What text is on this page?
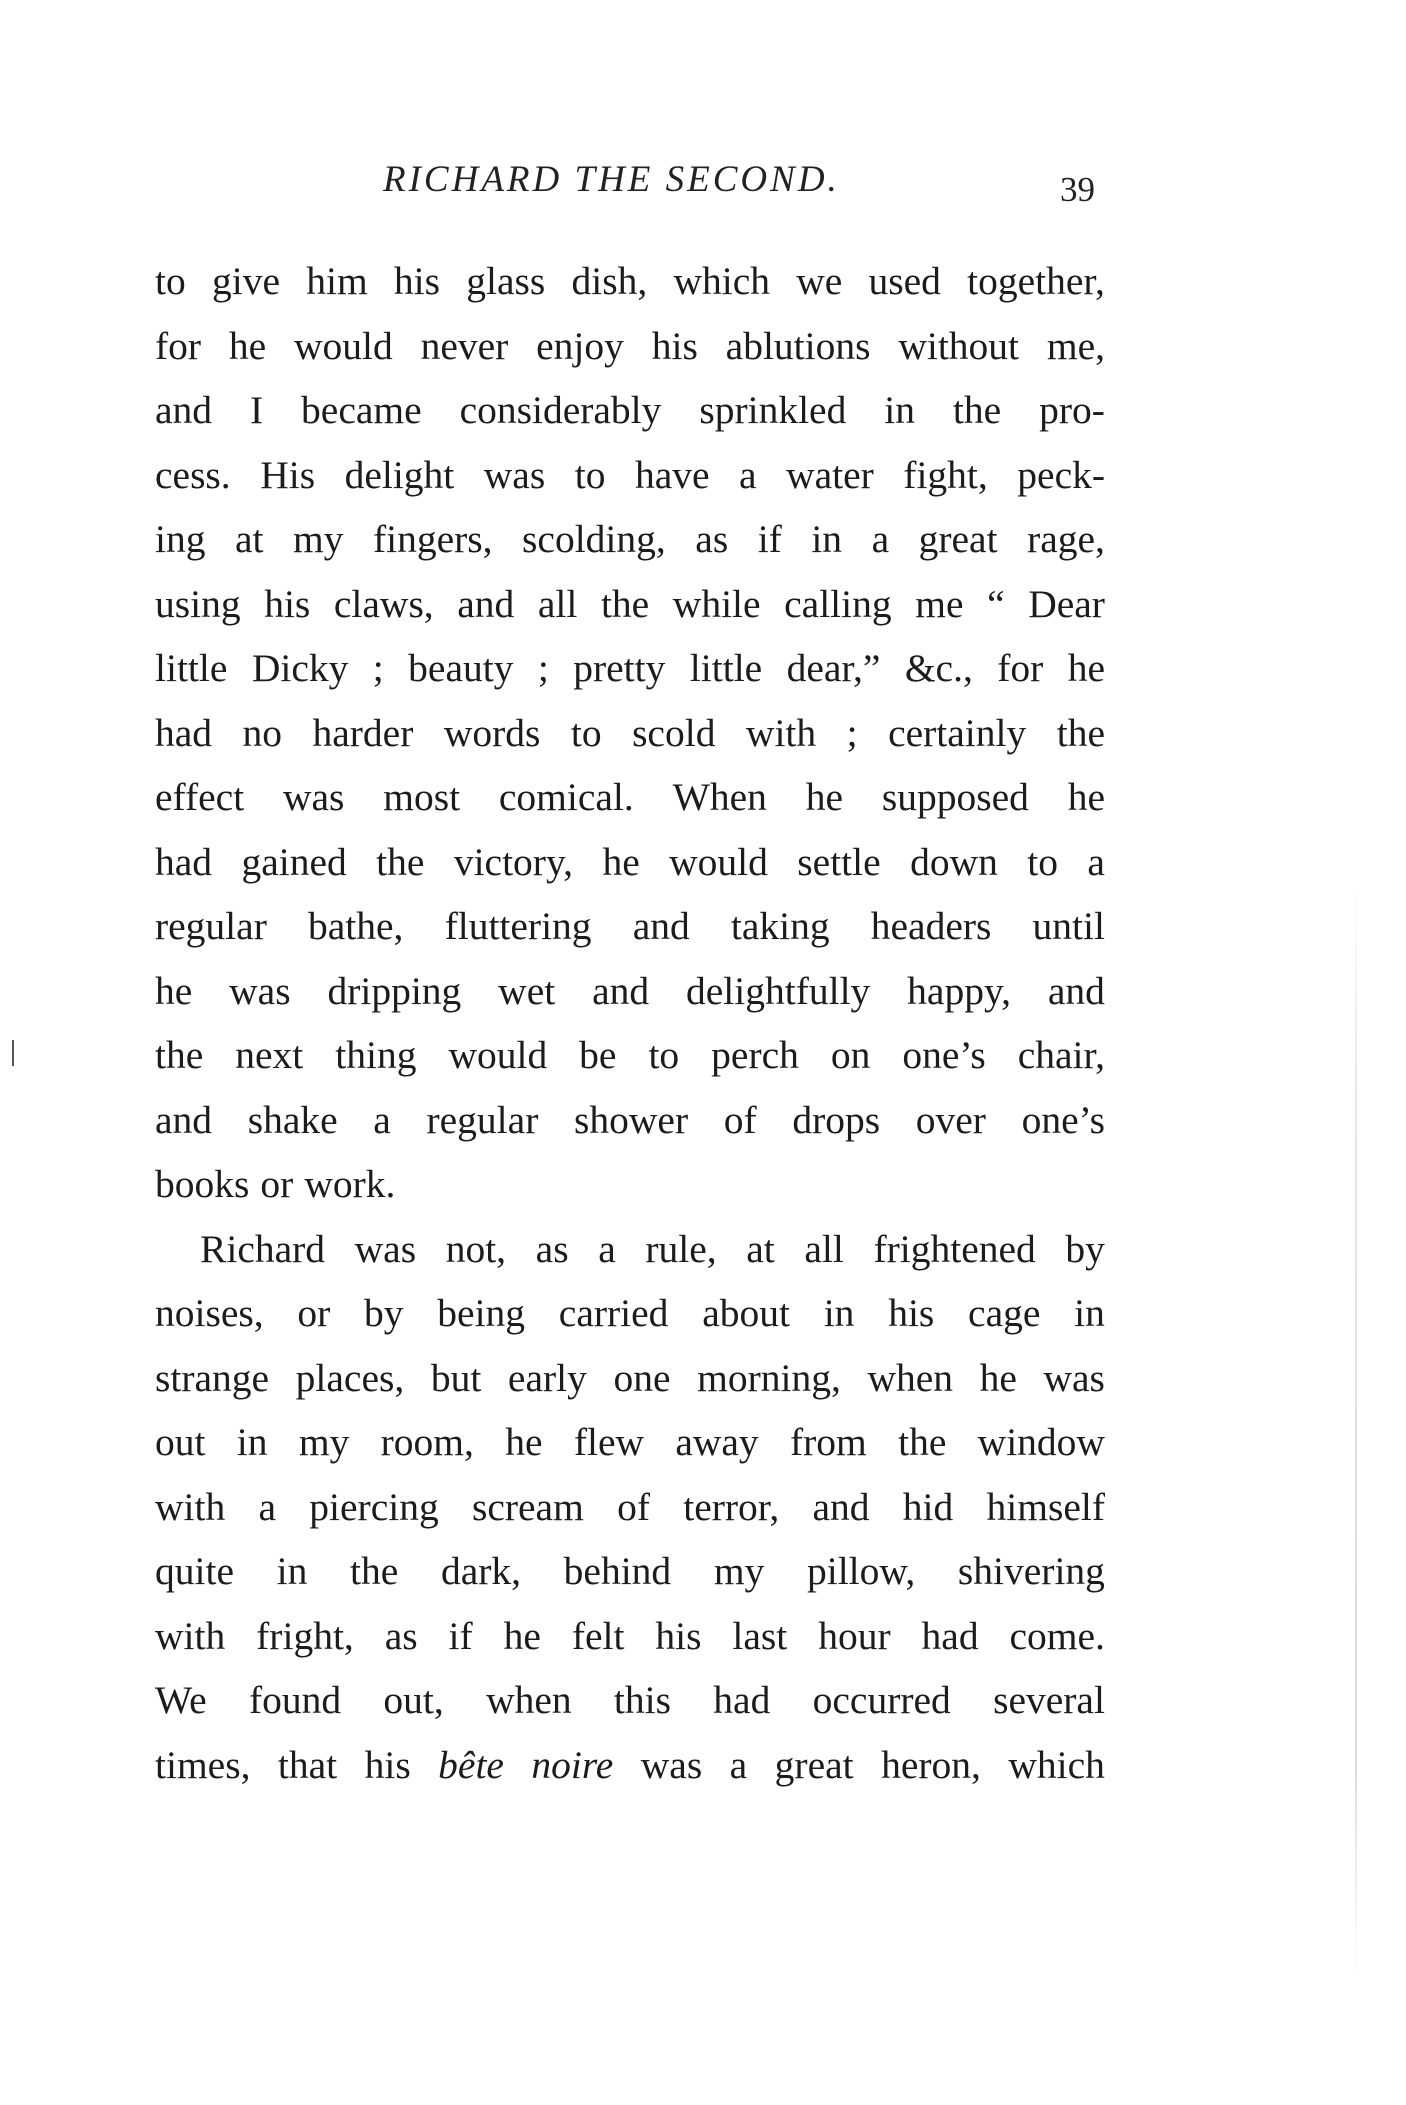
RICHARD THE SECOND.	39
to give him his glass dish, which we used together,
for he would never enjoy his ablutions without me,
and I became considerably sprinkled in the pro-
cess. His delight was to have a water fight, peck-
ing at my fingers, scolding, as if in a great rage,
using his claws, and all the while calling me “ Dear
little Dicky ; beauty ; pretty little dear,” &c., for he
had no harder words to scold with ; certainly the
effect was most comical. When he supposed he
had gained the victory, he would settle down to a
regular bathe, fluttering and taking headers until
he was dripping wet and delightfully happy, and
the next thing would be to perch on one’s chair,
and shake a regular shower of drops over one’s
books or work.
Richard was not, as a rule, at all frightened by
noises, or by being carried about in his cage in
strange places, but early one morning, when he was
out in my room, he flew away from the window
with a piercing scream of terror, and hid himself
quite in the dark, behind my pillow, shivering
with fright, as if he felt his last hour had come.
We found out, when this had occurred several
times, that his bête noire was a great heron, which
